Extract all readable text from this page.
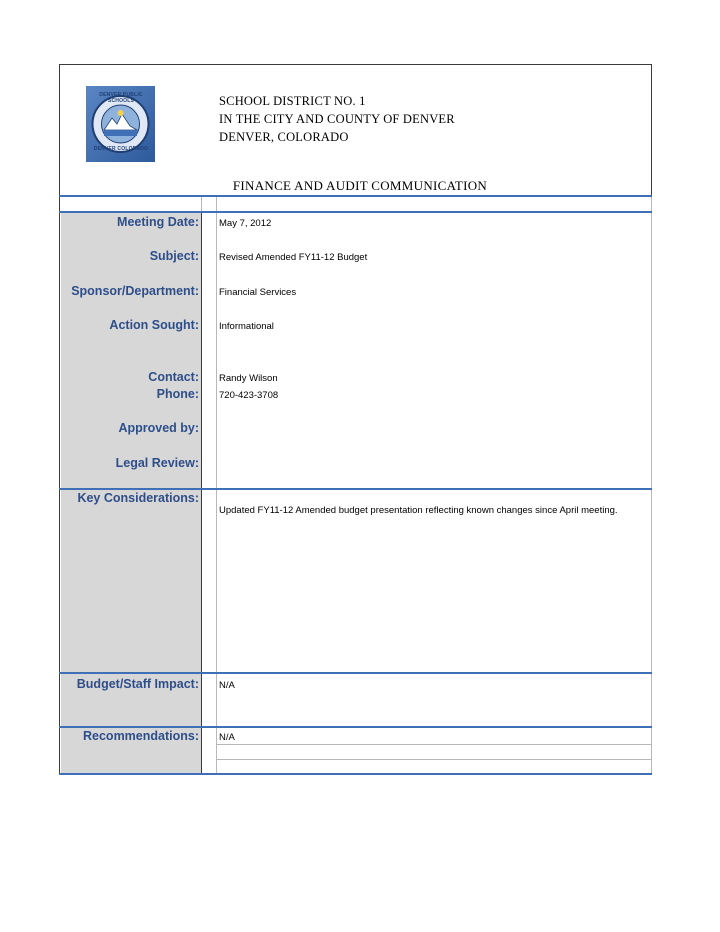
DENVER PUBLIC SCHOOLS
DENVER COLORADO
SCHOOL DISTRICT NO. 1
IN THE CITY AND COUNTY OF DENVER
DENVER, COLORADO
FINANCE AND AUDIT COMMUNICATION
Meeting Date:
Subject:
Sponsor/Department:
Action Sought:
Contact:
Phone:
Approved by:
Legal Review:
Key Considerations:
Budget/Staff Impact:
Recommendations:
May 7, 2012
Revised Amended FY11-12 Budget
Financial Services
Informational
Randy Wilson
720-423-3708
Updated FY11-12 Amended budget presentation reflecting known changes since April meeting.
N/A
N/A
